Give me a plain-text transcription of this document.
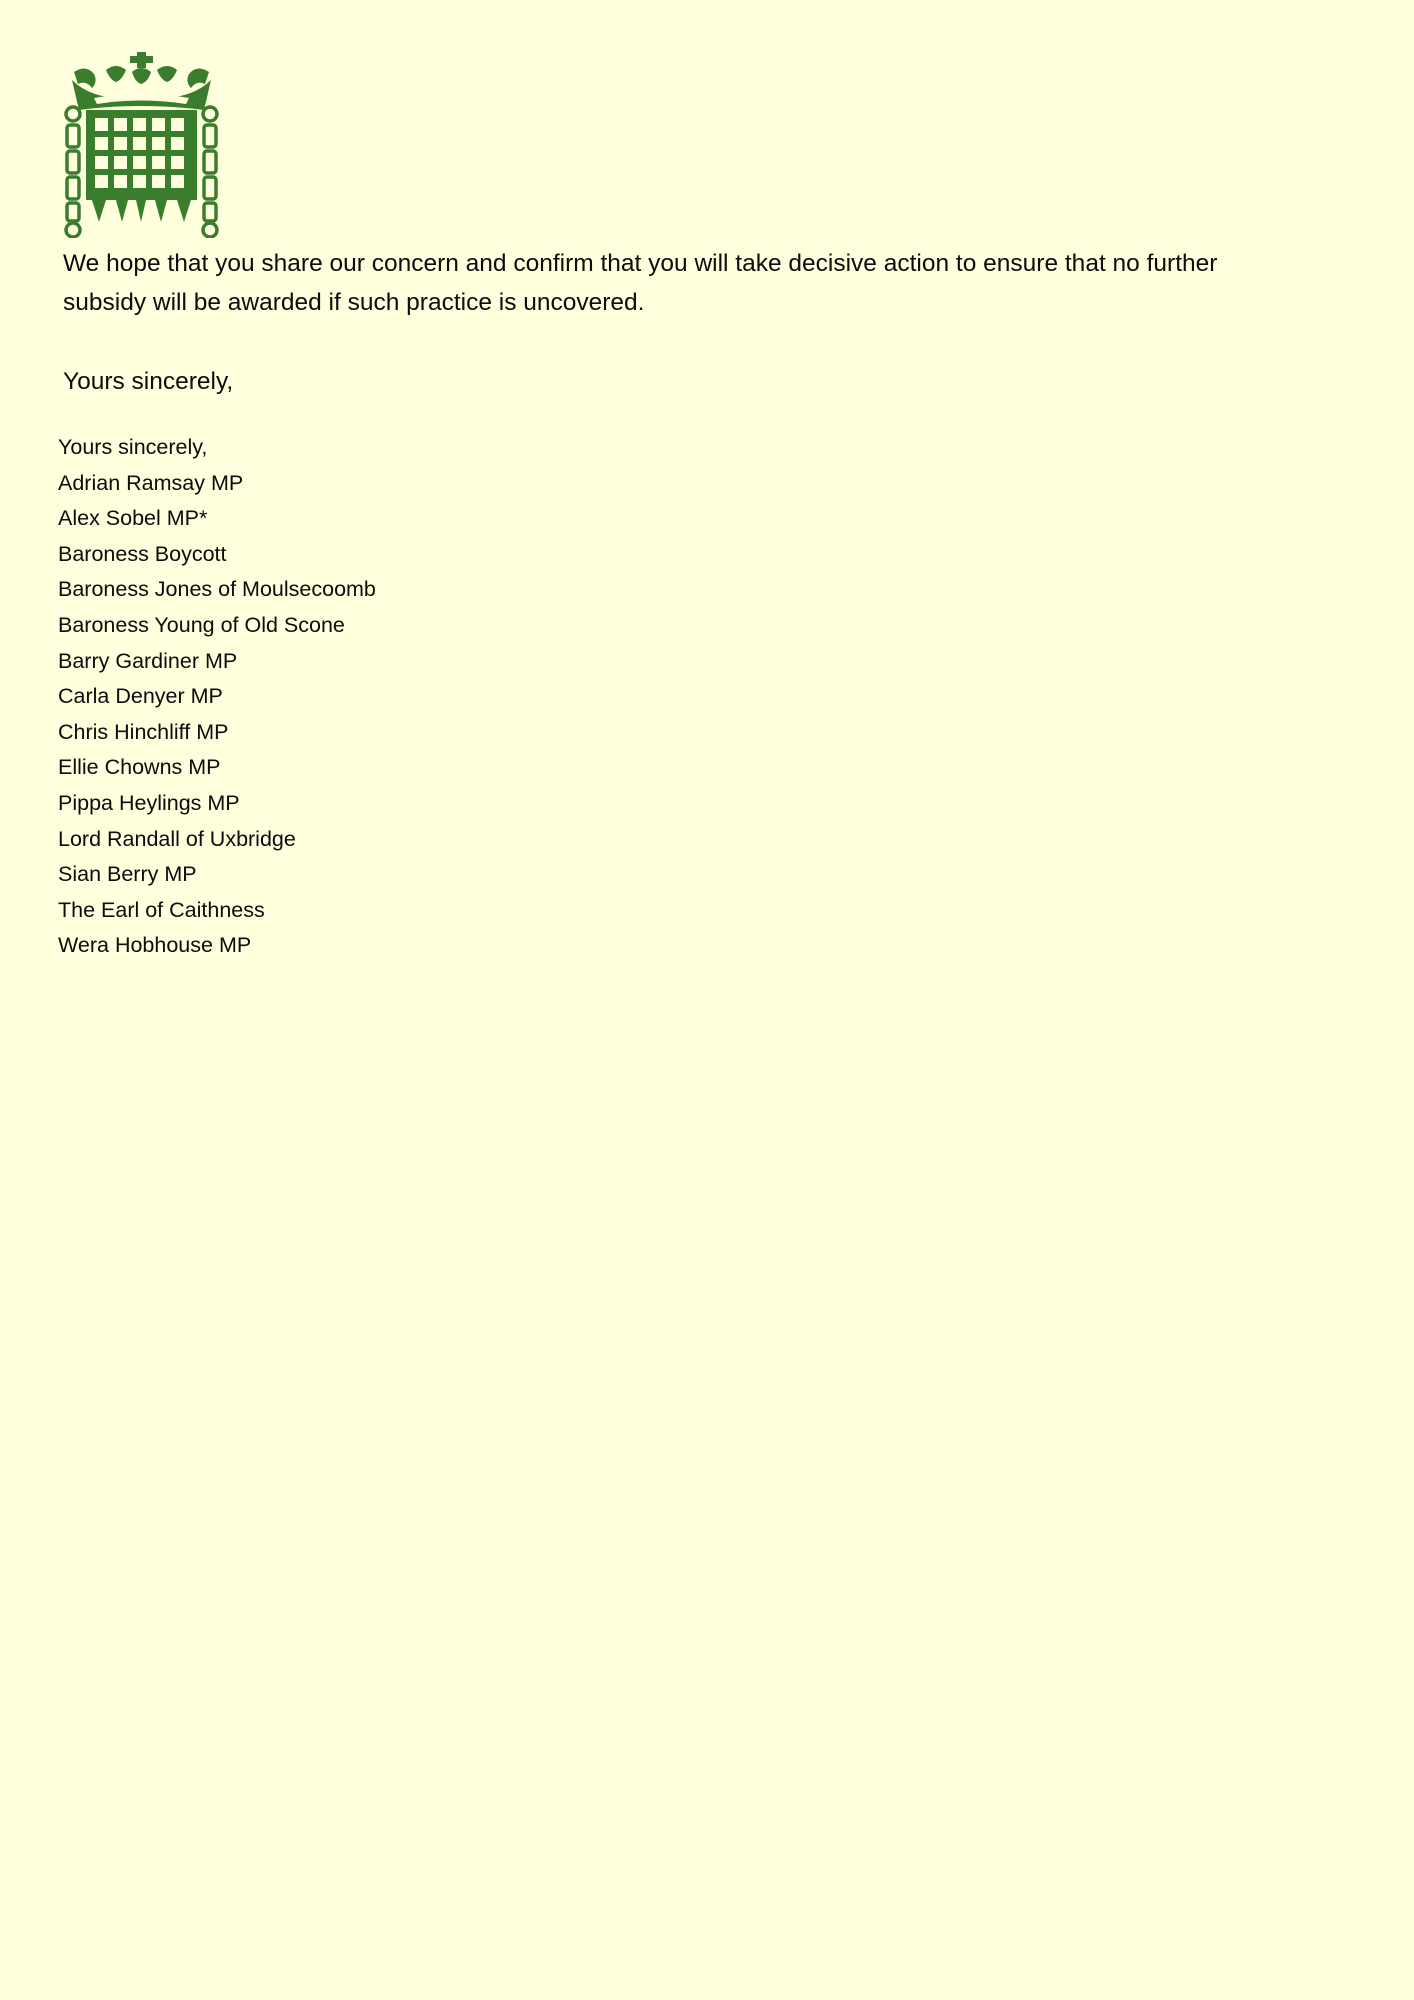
We hope that you share our concern and confirm that you will take decisive action to ensure that no further subsidy will be awarded if such practice is uncovered.

Yours sincerely,

Yours sincerely,
Adrian Ramsay MP
Alex Sobel MP*
Baroness Boycott
Baroness Jones of Moulsecoomb
Baroness Young of Old Scone
Barry Gardiner MP
Carla Denyer MP
Chris Hinchliff MP
Ellie Chowns MP
Pippa Heylings MP
Lord Randall of Uxbridge
Sian Berry MP
The Earl of Caithness
Wera Hobhouse MP
